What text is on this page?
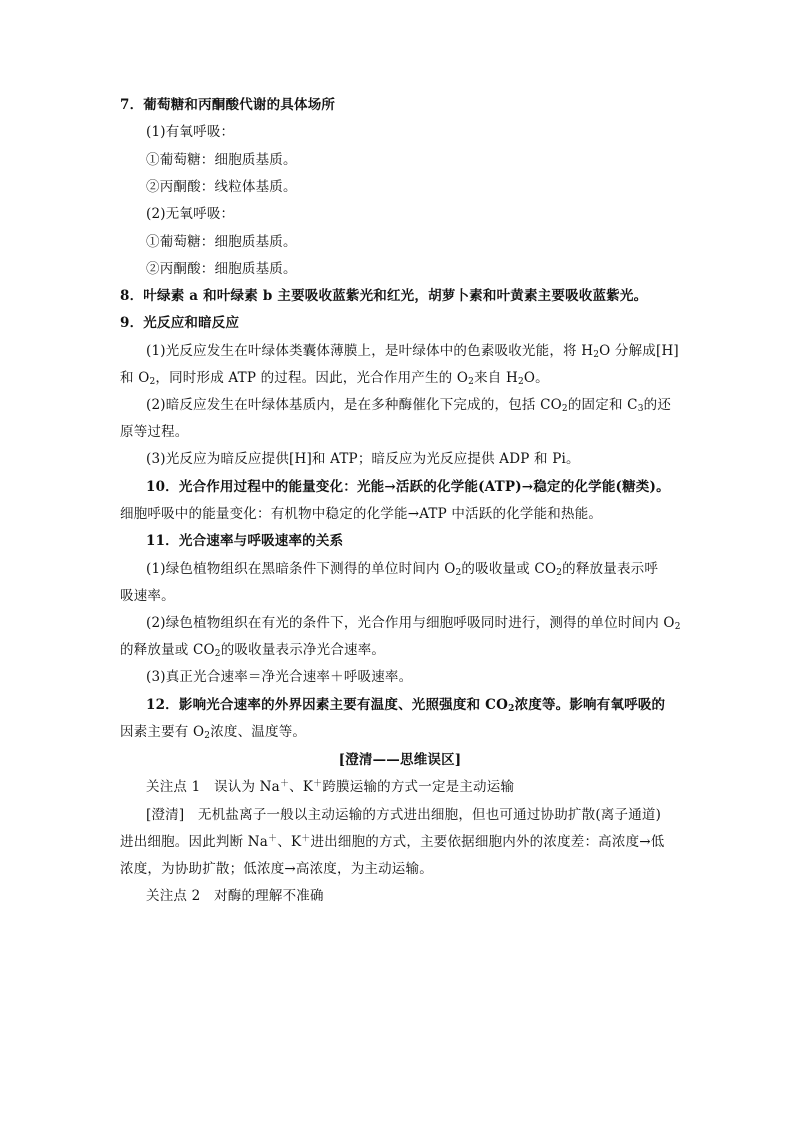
7．葡萄糖和丙酮酸代谢的具体场所
(1)有氧呼吸：
①葡萄糖：细胞质基质。
②丙酮酸：线粒体基质。
(2)无氧呼吸：
①葡萄糖：细胞质基质。
②丙酮酸：细胞质基质。
8．叶绿素 a 和叶绿素 b 主要吸收蓝紫光和红光，胡萝卜素和叶黄素主要吸收蓝紫光。
9．光反应和暗反应
(1)光反应发生在叶绿体类囊体薄膜上，是叶绿体中的色素吸收光能，将 $H_2O$ 分解成[H]
和 $O_2$，同时形成 ATP 的过程。因此，光合作用产生的 $O_2$来自 $H_2O$。
(2)暗反应发生在叶绿体基质内，是在多种酶催化下完成的，包括 $CO_2$的固定和 $C_3$的还
原等过程。
(3)光反应为暗反应提供[H]和 ATP；暗反应为光反应提供 ADP 和 Pi。
10．光合作用过程中的能量变化：光能→活跃的化学能(ATP)→稳定的化学能(糖类)。
细胞呼吸中的能量变化：有机物中稳定的化学能→ATP 中活跃的化学能和热能。
11．光合速率与呼吸速率的关系
(1)绿色植物组织在黑暗条件下测得的单位时间内 $O_2$的吸收量或 $CO_2$的释放量表示呼
吸速率。
(2)绿色植物组织在有光的条件下，光合作用与细胞呼吸同时进行，测得的单位时间内 $O_2$
的释放量或 $CO_2$的吸收量表示净光合速率。
(3)真正光合速率＝净光合速率＋呼吸速率。
12．影响光合速率的外界因素主要有温度、光照强度和 $CO_2$浓度等。影响有氧呼吸的
因素主要有 $O_2$浓度、温度等。
[澄清——思维误区]
关注点 1　误认为 Na＋、K＋跨膜运输的方式一定是主动运输
[澄清]　无机盐离子一般以主动运输的方式进出细胞，但也可通过协助扩散(离子通道)
进出细胞。因此判断 Na＋、K＋进出细胞的方式，主要依据细胞内外的浓度差：高浓度→低
浓度，为协助扩散；低浓度→高浓度，为主动运输。
关注点 2　对酶的理解不准确
